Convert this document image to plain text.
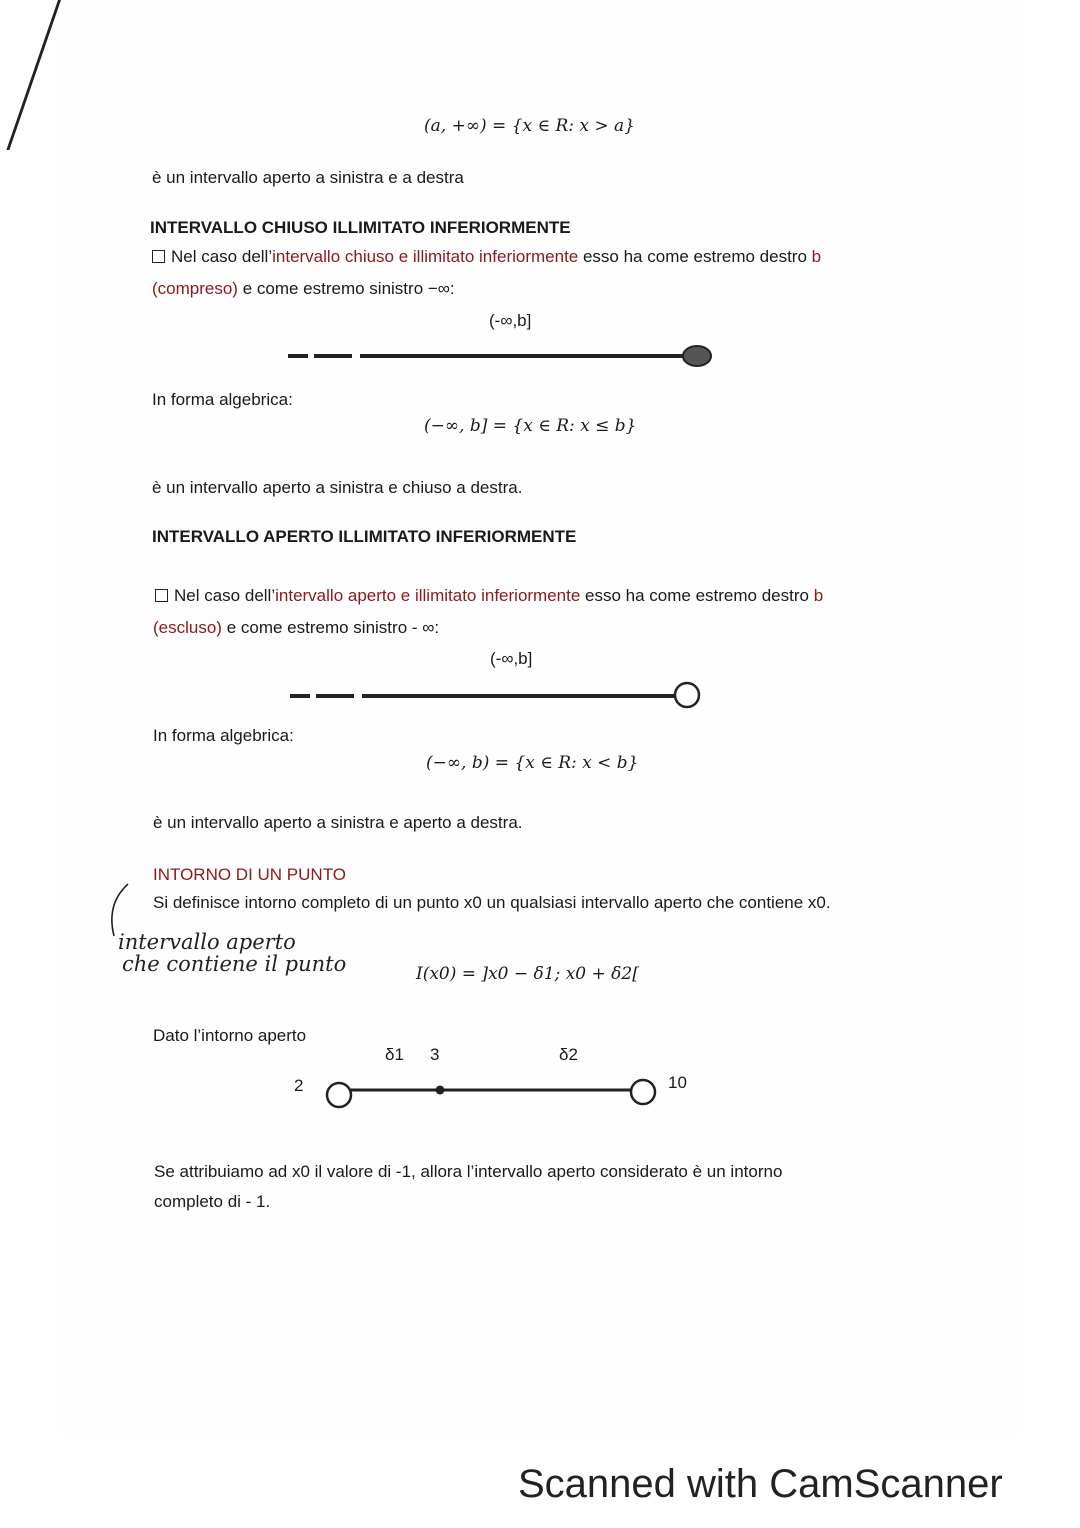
(a, +∞) = {x ∈ R: x > a}
è un intervallo aperto a sinistra e a destra
INTERVALLO CHIUSO ILLIMITATO INFERIORMENTE
Nel caso dell’intervallo chiuso e illimitato inferiormente esso ha come estremo destro b
(compreso) e come estremo sinistro −∞:
(-∞,b]
In forma algebrica:
(−∞, b] = {x ∈ R: x ≤ b}
è un intervallo aperto a sinistra e chiuso a destra.
INTERVALLO APERTO ILLIMITATO INFERIORMENTE
Nel caso dell’intervallo aperto e illimitato inferiormente esso ha come estremo destro b
(escluso) e come estremo sinistro - ∞:
(-∞,b]
In forma algebrica:
(−∞, b) = {x ∈ R: x < b}
è un intervallo aperto a sinistra e aperto a destra.
INTORNO DI UN PUNTO
Si definisce intorno completo di un punto x0 un qualsiasi intervallo aperto che contiene x0.
intervallo aperto
che contiene il punto	I(x0) = ]x0 − δ1; x0 + δ2[
Dato l’intorno aperto
δ1 3	δ2
2	10
Se attribuiamo ad x0 il valore di -1, allora l’intervallo aperto considerato è un intorno
completo di - 1.
Scanned with CamScanner
